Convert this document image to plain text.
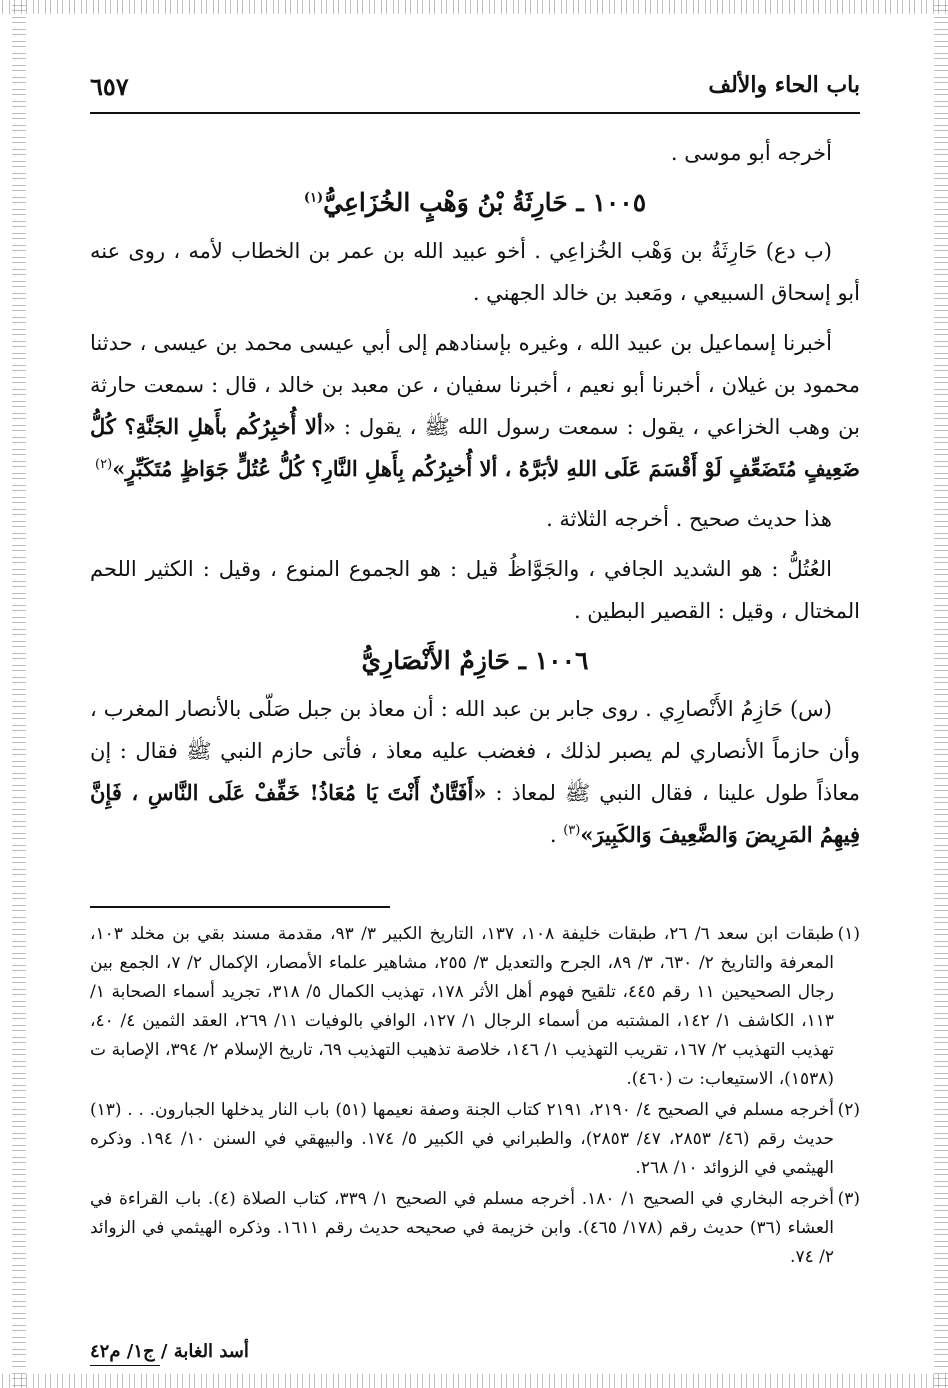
باب الحاء والألف
٦٥٧

أخرجه أبو موسى .

١٠٠٥ ـ حَارِثَةُ بْنُ وَهْبٍ الخُزَاعِيُّ$^{(١)}$

(ب دع) حَارِثَةُ بن وَهْب الخُزاعِي . أخو عبيد الله بن عمر بن الخطاب لأمه ، روى عنه أبو إسحاق السبيعي ، ومَعبد بن خالد الجهني .

أخبرنا إسماعيل بن عبيد الله ، وغيره بإسنادهم إلى أبي عيسى محمد بن عيسى ، حدثنا محمود بن غيلان ، أخبرنا أبو نعيم ، أخبرنا سفيان ، عن معبد بن خالد ، قال : سمعت حارثة بن وهب الخزاعي ، يقول : سمعت رسول الله ﷺ ، يقول : «ألا أُخبِرُكُم بأَهلِ الجَنَّةِ؟ كُلُّ ضَعِيفٍ مُتَضَعِّفٍ لَوْ أَقْسَمَ عَلَى اللهِ لأبَرَّهُ ، ألا أُخبِرُكُم بِأَهلِ النَّارِ؟ كُلُّ عُتُلٍّ جَوَاظٍ مُتَكَبِّرٍ»$^{(٢)}$

هذا حديث صحيح . أخرجه الثلاثة .

العُتُلُّ : هو الشديد الجافي ، والجَوَّاظُ قيل : هو الجموع المنوع ، وقيل : الكثير اللحم المختال ، وقيل : القصير البطين .

١٠٠٦ ـ حَازِمٌ الأَنْصَارِيُّ

(س) حَازِمُ الأَنْصارِي . روى جابر بن عبد الله : أن معاذ بن جبل صَلّى بالأنصار المغرب ، وأن حازماً الأنصاري لم يصبر لذلك ، فغضب عليه معاذ ، فأتى حازم النبي ﷺ فقال : إن معاذاً طول علينا ، فقال النبي ﷺ لمعاذ : «أَفَتَّانٌ أَنْتَ يَا مُعَاذُ! خَفِّفْ عَلَى النَّاسِ ، فَإِنَّ فِيهِمُ المَرِيضَ وَالضَّعِيفَ وَالكَبِيرَ»$^{(٣)}$ .

(١)
طبقات ابن سعد ٦/ ٢٦، طبقات خليفة ١٠٨، ١٣٧، التاريخ الكبير ٣/ ٩٣، مقدمة مسند بقي بن مخلد ١٠٣، المعرفة والتاريخ ٢/ ٦٣٠، ٣/ ٨٩، الجرح والتعديل ٣/ ٢٥٥، مشاهير علماء الأمصار، الإكمال ٢/ ٧، الجمع بين رجال الصحيحين ١١ رقم ٤٤٥، تلقيح فهوم أهل الأثر ١٧٨، تهذيب الكمال ٥/ ٣١٨، تجريد أسماء الصحابة ١/ ١١٣، الكاشف ١/ ١٤٢، المشتبه من أسماء الرجال ١/ ١٢٧، الوافي بالوفيات ١١/ ٢٦٩، العقد الثمين ٤/ ٤٠، تهذيب التهذيب ٢/ ١٦٧، تقريب التهذيب ١/ ١٤٦، خلاصة تذهيب التهذيب ٦٩، تاريخ الإسلام ٢/ ٣٩٤، الإصابة ت (١٥٣٨)، الاستيعاب: ت (٤٦٠).

(٢)
أخرجه مسلم في الصحيح ٤/ ٢١٩٠، ٢١٩١ كتاب الجنة وصفة نعيمها (٥١) باب النار يدخلها الجبارون. . . (١٣) حديث رقم (٤٦/ ٢٨٥٣، ٤٧/ ٢٨٥٣)، والطبراني في الكبير ٥/ ١٧٤. والبيهقي في السنن ١٠/ ١٩٤. وذكره الهيثمي في الزوائد ١٠/ ٢٦٨.

(٣)
أخرجه البخاري في الصحيح ١/ ١٨٠. أخرجه مسلم في الصحيح ١/ ٣٣٩، كتاب الصلاة (٤). باب القراءة في العشاء (٣٦) حديث رقم (١٧٨/ ٤٦٥). وابن خزيمة في صحيحه حديث رقم ١٦١١. وذكره الهيثمي في الزوائد ٢/ ٧٤.

أسد الغابة / ج١/ م٤٢
